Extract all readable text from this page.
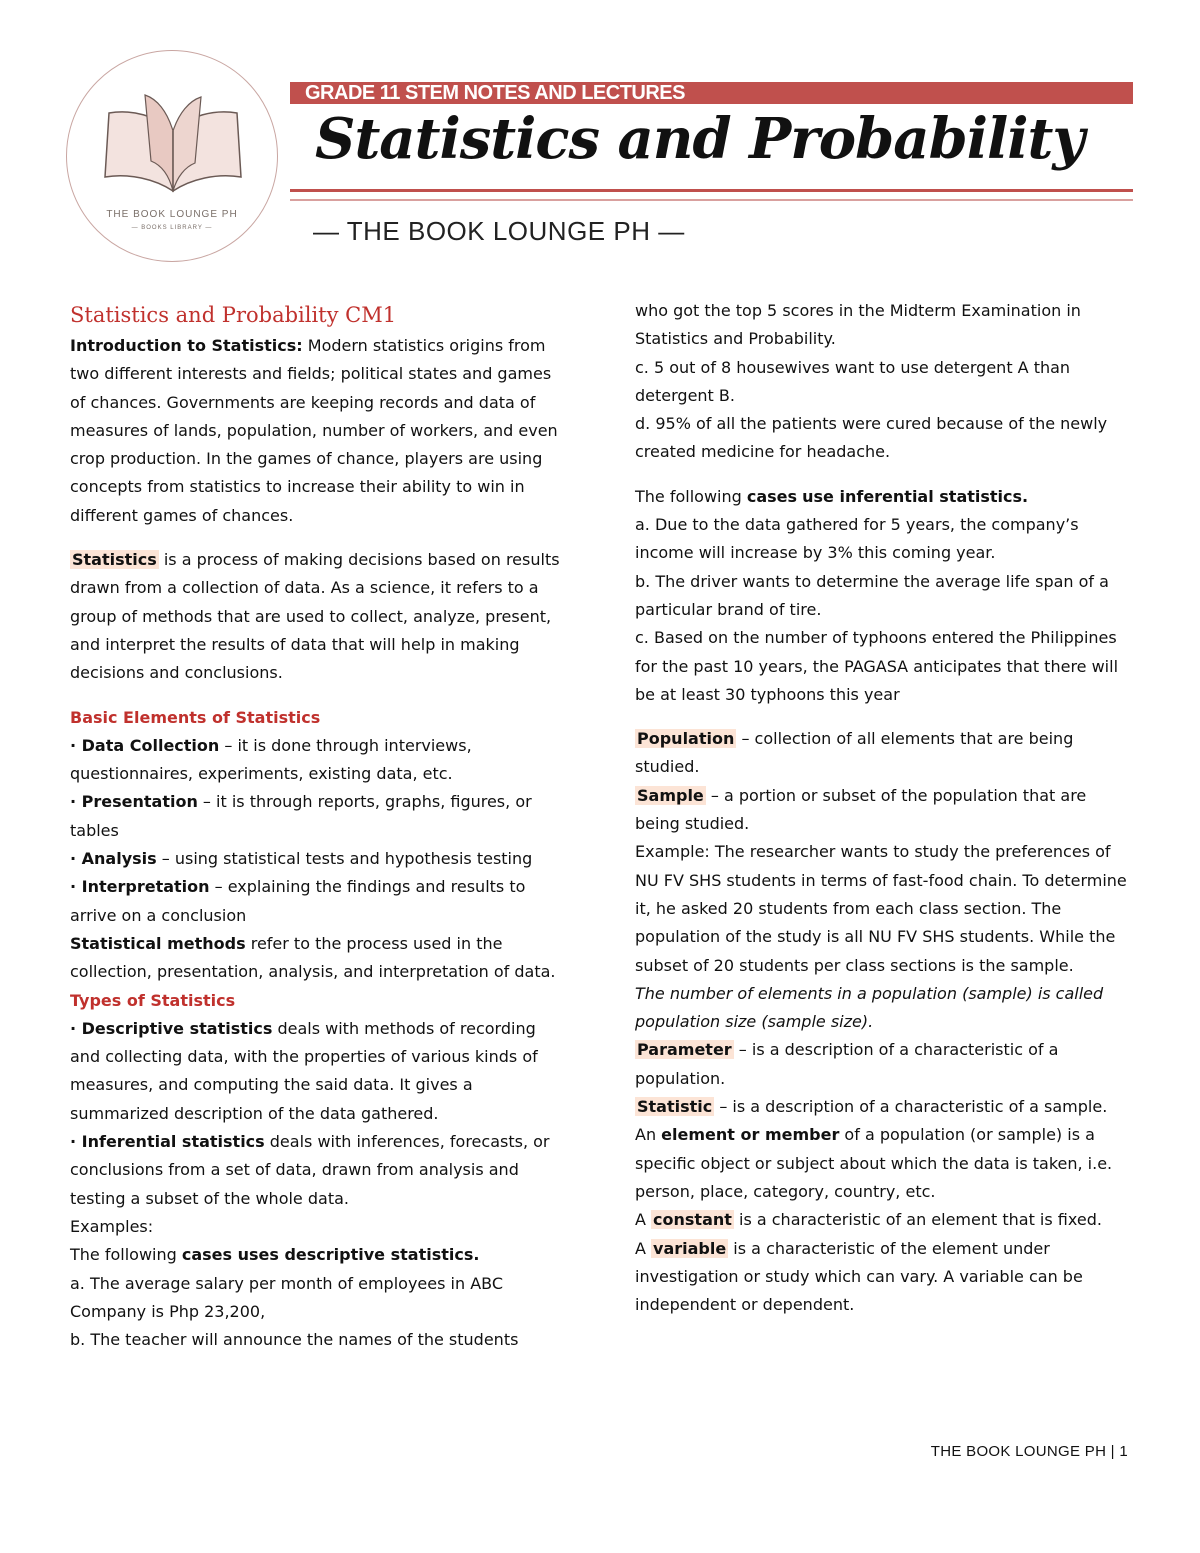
THE BOOK LOUNGE PH
— BOOKS LIBRARY —
GRADE 11 STEM NOTES AND LECTURES
Statistics and Probability
— THE BOOK LOUNGE PH —

Statistics and Probability CM1

Introduction to Statistics: Modern statistics origins from two different interests and fields; political states and games of chances. Governments are keeping records and data of measures of lands, population, number of workers, and even crop production. In the games of chance, players are using concepts from statistics to increase their ability to win in different games of chances.

Statistics is a process of making decisions based on results drawn from a collection of data. As a science, it refers to a group of methods that are used to collect, analyze, present, and interpret the results of data that will help in making decisions and conclusions.

Basic Elements of Statistics

· Data Collection – it is done through interviews, questionnaires, experiments, existing data, etc.

· Presentation – it is through reports, graphs, figures, or tables

· Analysis – using statistical tests and hypothesis testing

· Interpretation – explaining the findings and results to arrive on a conclusion

Statistical methods refer to the process used in the collection, presentation, analysis, and interpretation of data.

Types of Statistics

· Descriptive statistics deals with methods of recording and collecting data, with the properties of various kinds of measures, and computing the said data. It gives a summarized description of the data gathered.

· Inferential statistics deals with inferences, forecasts, or conclusions from a set of data, drawn from analysis and testing a subset of the whole data.

Examples:

The following cases uses descriptive statistics.

a. The average salary per month of employees in ABC Company is Php 23,200,

b. The teacher will announce the names of the students

who got the top 5 scores in the Midterm Examination in Statistics and Probability.

c. 5 out of 8 housewives want to use detergent A than detergent B.

d. 95% of all the patients were cured because of the newly created medicine for headache.

The following cases use inferential statistics.

a. Due to the data gathered for 5 years, the company’s income will increase by 3% this coming year.

b. The driver wants to determine the average life span of a particular brand of tire.

c. Based on the number of typhoons entered the Philippines for the past 10 years, the PAGASA anticipates that there will be at least 30 typhoons this year

Population – collection of all elements that are being studied.

Sample – a portion or subset of the population that are being studied.

Example: The researcher wants to study the preferences of NU FV SHS students in terms of fast-food chain. To determine it, he asked 20 students from each class section. The population of the study is all NU FV SHS students. While the subset of 20 students per class sections is the sample.

The number of elements in a population (sample) is called population size (sample size).

Parameter – is a description of a characteristic of a population.

Statistic – is a description of a characteristic of a sample.

An element or member of a population (or sample) is a specific object or subject about which the data is taken, i.e. person, place, category, country, etc.

A constant is a characteristic of an element that is fixed.

A variable is a characteristic of the element under investigation or study which can vary. A variable can be independent or dependent.

THE BOOK LOUNGE PH | 1
